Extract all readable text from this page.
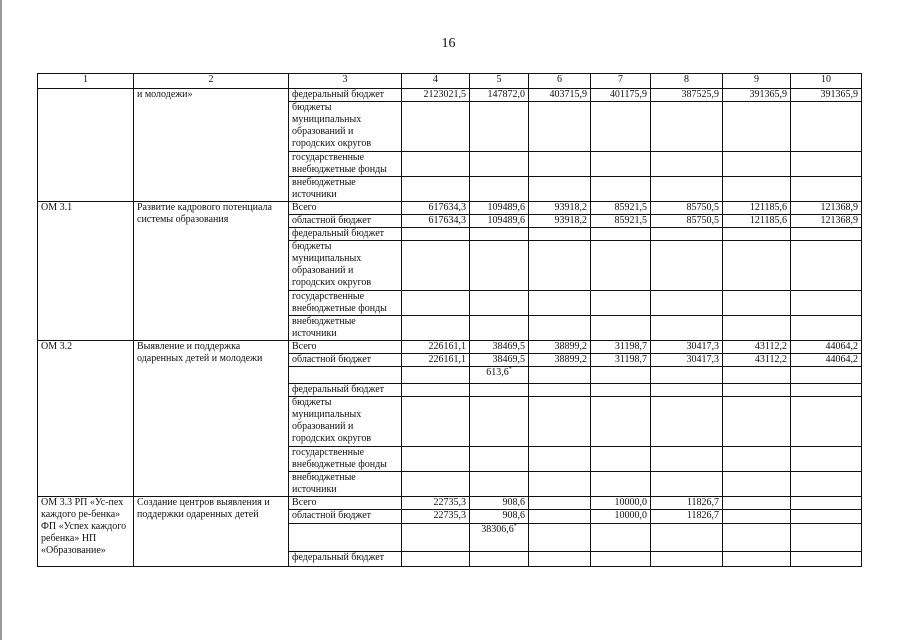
16
1	2	3	4	5	6	7	8	9	10
	и молодежи»	федеральный бюджет	2123021,5	147872,0	403715,9	401175,9	387525,9	391365,9	391365,9
		бюджеты муниципальных образований и городских округов							
		государственные внебюджетные фонды							
		внебюджетные источники							
ОМ 3.1	Развитие кадрового потенциала системы образования	Всего	617634,3	109489,6	93918,2	85921,5	85750,5	121185,6	121368,9
		областной бюджет	617634,3	109489,6	93918,2	85921,5	85750,5	121185,6	121368,9
		федеральный бюджет							
		бюджеты муниципальных образований и городских округов							
		государственные внебюджетные фонды							
		внебюджетные источники							
ОМ 3.2	Выявление и поддержка одаренных детей и молодежи	Всего	226161,1	38469,5	38899,2	31198,7	30417,3	43112,2	44064,2
		областной бюджет	226161,1	38469,5	38899,2	31198,7	30417,3	43112,2	44064,2
				613,6*					
		федеральный бюджет							
		бюджеты муниципальных образований и городских округов							
		государственные внебюджетные фонды							
		внебюджетные источники							
ОМ 3.3 РП «Ус-пех каждого ре-бенка» ФП «Успех каждого ребенка» НП «Образование»	Создание центров выявления и поддержки одаренных детей	Всего	22735,3	908,6		10000,0	11826,7		
		областной бюджет	22735,3	908,6		10000,0	11826,7		
				38306,6*					
		федеральный бюджет							
